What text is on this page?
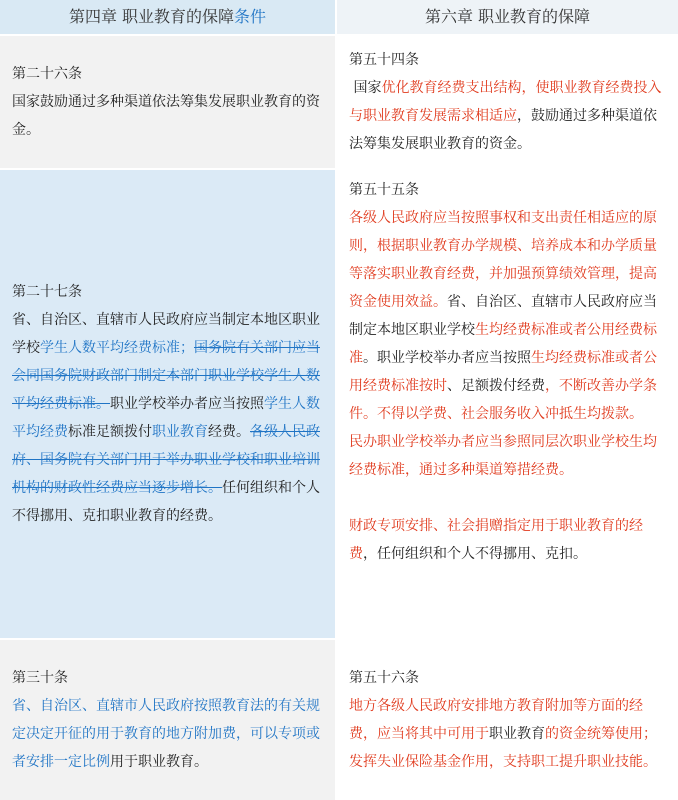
第四章 职业教育的保障条件	第六章 职业教育的保障
第二十六条
国家鼓励通过多种渠道依法筹集发展职业教育的资金。
第五十四条
国家优化教育经费支出结构，使职业教育经费投入与职业教育发展需求相适应，鼓励通过多种渠道依法筹集发展职业教育的资金。
第二十七条
省、自治区、直辖市人民政府应当制定本地区职业学校学生人数平均经费标准；国务院有关部门应当会同国务院财政部门制定本部门职业学校学生人数平均经费标准。职业学校举办者应当按照学生人数平均经费标准足额拨付职业教育经费。各级人民政府、国务院有关部门用于举办职业学校和职业培训机构的财政性经费应当逐步增长。任何组织和个人不得挪用、克扣职业教育的经费。
第五十五条
各级人民政府应当按照事权和支出责任相适应的原则，根据职业教育办学规模、培养成本和办学质量等落实职业教育经费，并加强预算绩效管理，提高资金使用效益。省、自治区、直辖市人民政府应当制定本地区职业学校生均经费标准或者公用经费标准。职业学校举办者应当按照生均经费标准或者公用经费标准按时、足额拨付经费，不断改善办学条件。不得以学费、社会服务收入冲抵生均拨款。
民办职业学校举办者应当参照同层次职业学校生均经费标准，通过多种渠道筹措经费。
财政专项安排、社会捐赠指定用于职业教育的经费，任何组织和个人不得挪用、克扣。
第三十条
省、自治区、直辖市人民政府按照教育法的有关规定决定开征的用于教育的地方附加费，可以专项或者安排一定比例用于职业教育。
第五十六条
地方各级人民政府安排地方教育附加等方面的经费，应当将其中可用于职业教育的资金统筹使用；发挥失业保险基金作用，支持职工提升职业技能。
